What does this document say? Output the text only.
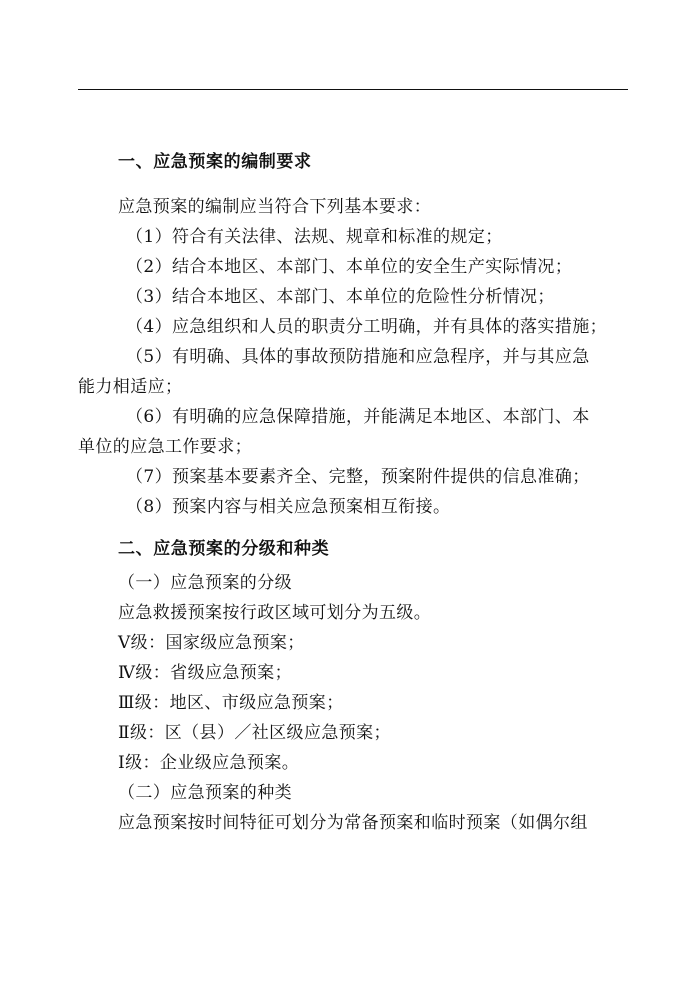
一、应急预案的编制要求
应急预案的编制应当符合下列基本要求：
（1）符合有关法律、法规、规章和标准的规定；
（2）结合本地区、本部门、本单位的安全生产实际情况；
（3）结合本地区、本部门、本单位的危险性分析情况；
（4）应急组织和人员的职责分工明确，并有具体的落实措施；
（5）有明确、具体的事故预防措施和应急程序，并与其应急
能力相适应；
（6）有明确的应急保障措施，并能满足本地区、本部门、本
单位的应急工作要求；
（7）预案基本要素齐全、完整，预案附件提供的信息准确；
（8）预案内容与相关应急预案相互衔接。
二、应急预案的分级和种类
（一）应急预案的分级
应急救援预案按行政区域可划分为五级。
Ⅴ级：国家级应急预案；
Ⅳ级：省级应急预案；
Ⅲ级：地区、市级应急预案；
Ⅱ级：区（县）／社区级应急预案；
Ⅰ级：企业级应急预案。
（二）应急预案的种类
应急预案按时间特征可划分为常备预案和临时预案（如偶尔组
